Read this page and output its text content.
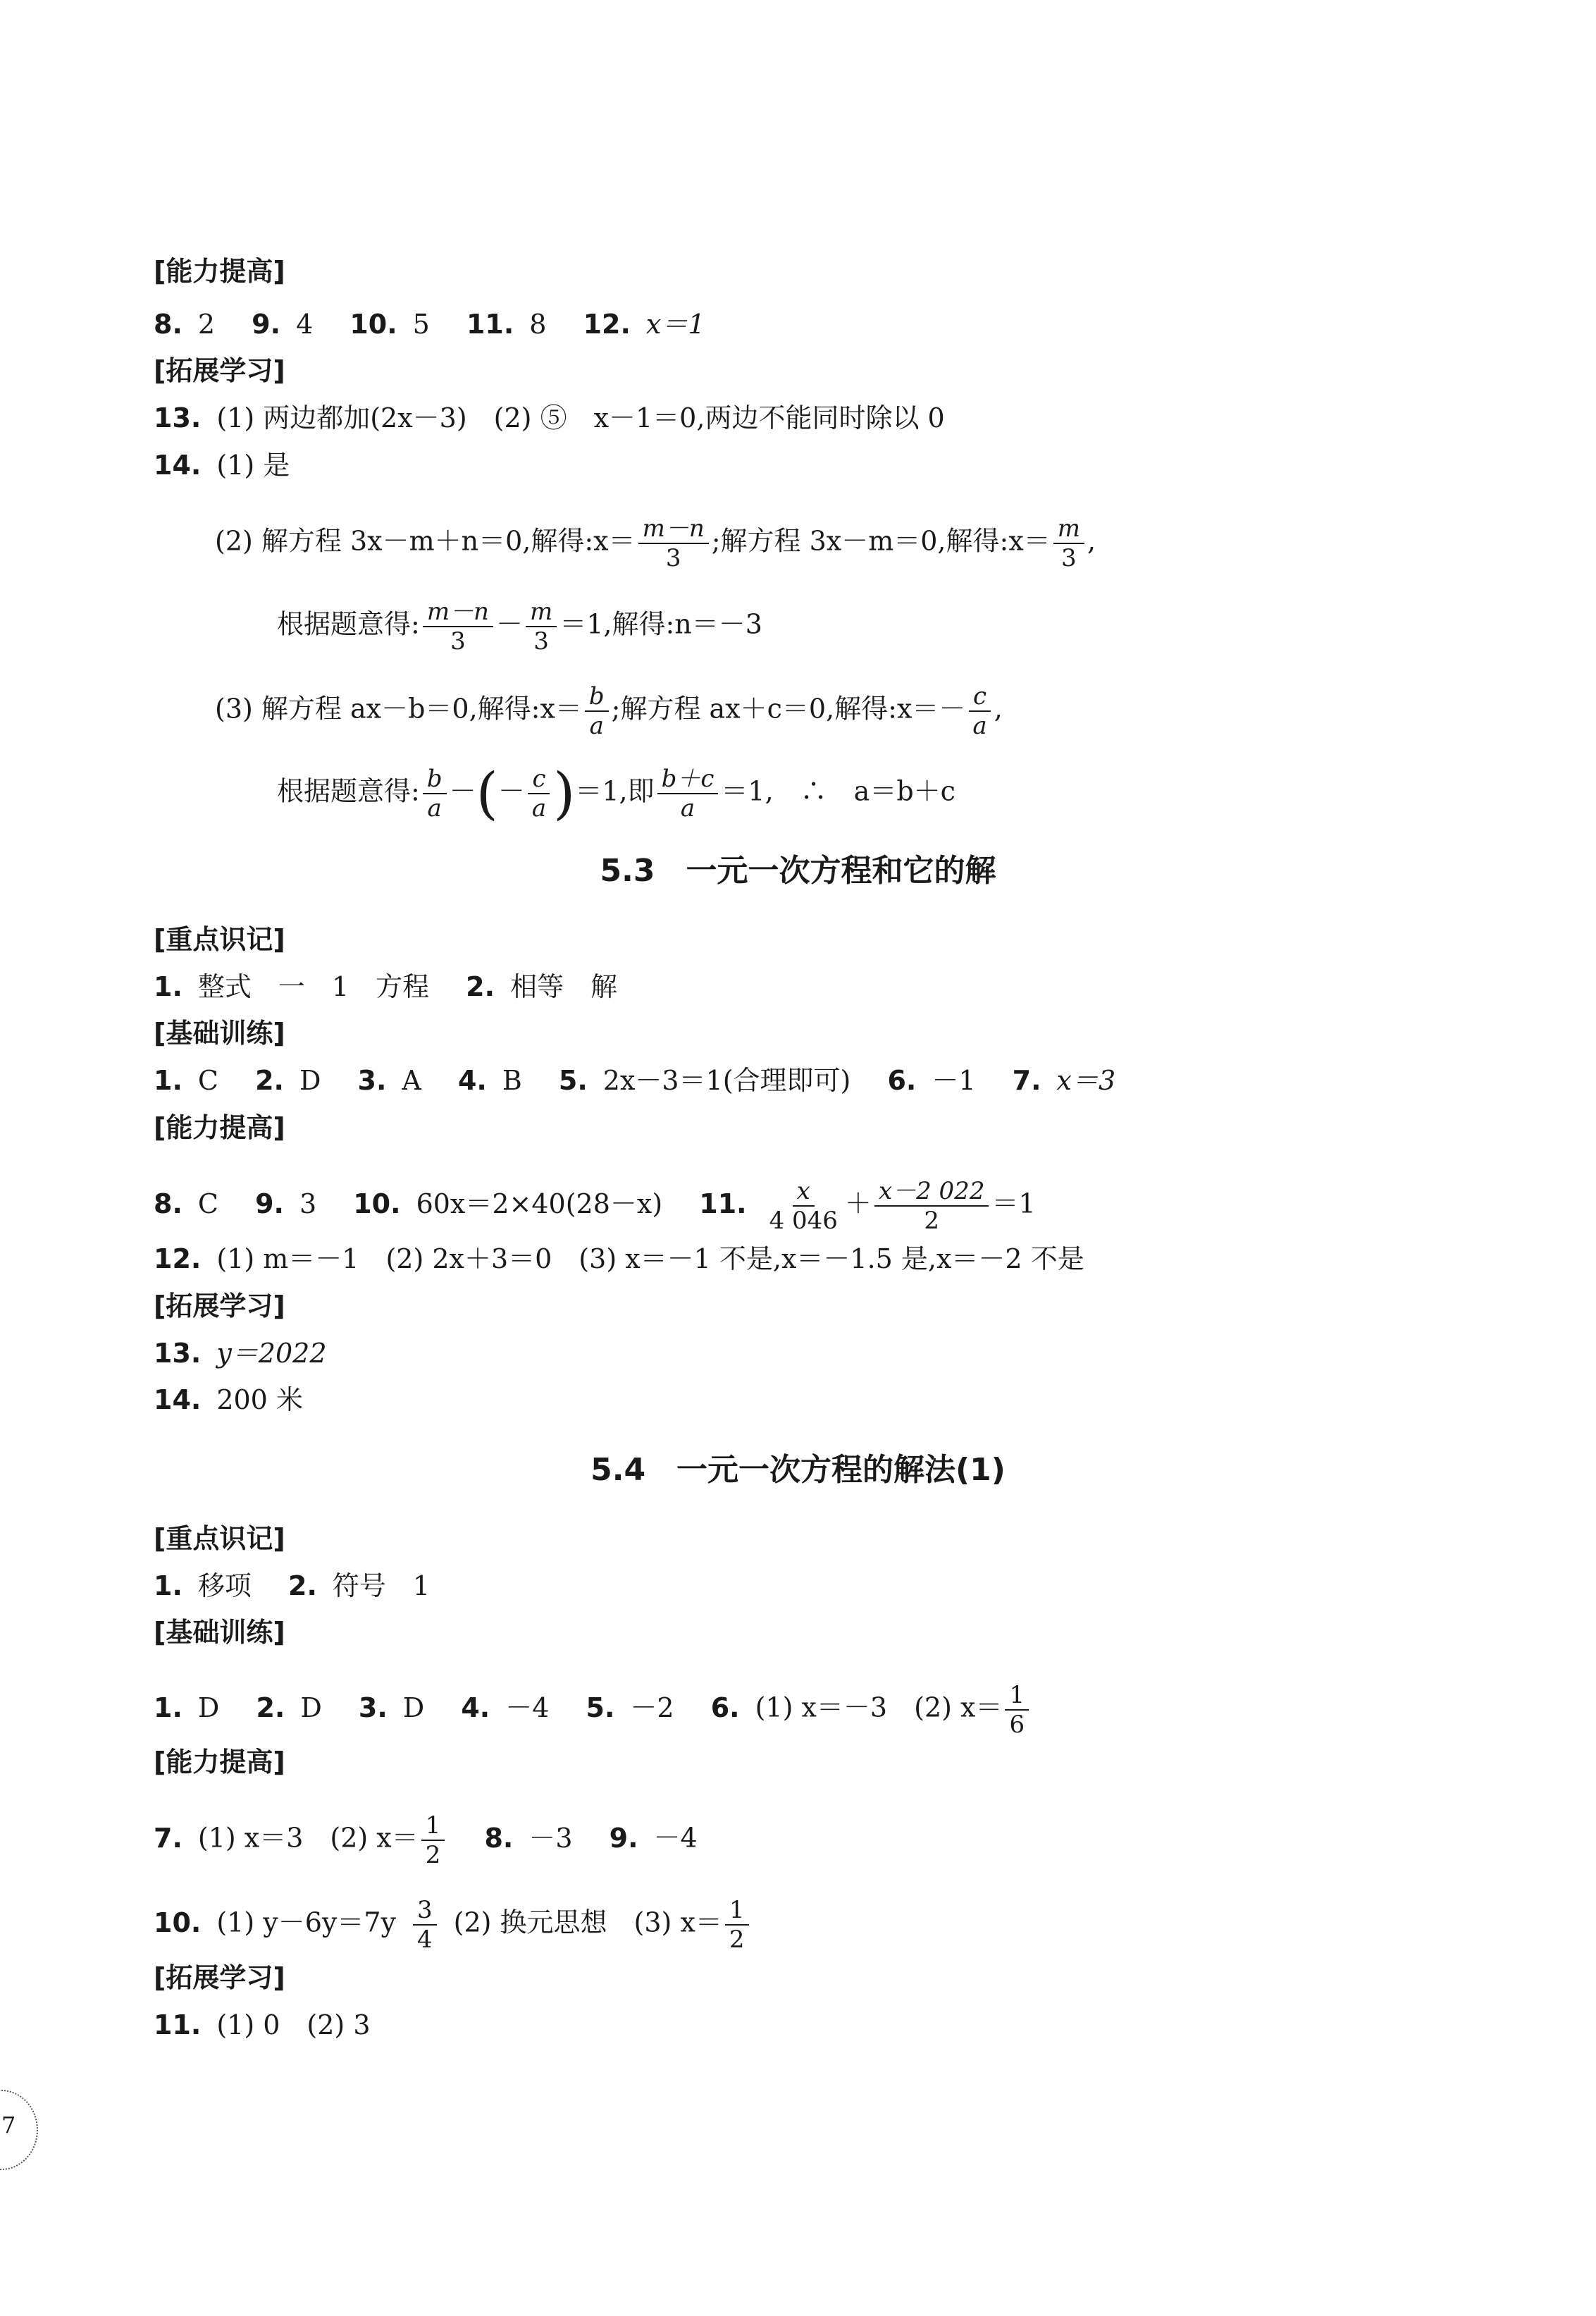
[能力提高]
8. 2 9. 4 10. 5 11. 8 12. x＝1
[拓展学习]
13. (1) 两边都加(2x－3)　(2) ⑤　x－1＝0,两边不能同时除以 0
14. (1) 是
(2) 解方程 3x－m＋n＝0,解得:x＝ $\frac{m-n}{3}$ ;解方程 3x－m＝0,解得:x＝ $\frac{m}{3}$ ,
根据题意得: $\frac{m-n}{3} - \frac{m}{3} =1$,解得:n＝－3
(3) 解方程 ax－b＝0,解得:x＝ $\frac{b}{a}$ ;解方程 ax＋c＝0,解得:x＝－ $\frac{c}{a}$ ,
根据题意得: $\frac{b}{a}$ －(－ $\frac{c}{a} )=1$,即 $\frac{b+c}{a} =1$,　∴　a＝b＋c
5.3　一元一次方程和它的解
[重点识记]
1. 整式　一　1　方程 2. 相等　解
[基础训练]
1. C 2. D 3. A 4. B 5. 2x－3＝1(合理即可) 6. －1 7. x＝3
[能力提高]
8. C 9. 3 10. 60x＝2×40(28－x) 11. $\frac{x}{4 046} + \frac{x-2 022}{2} =1$
12. (1) m＝－1　(2) 2x＋3＝0　(3) x＝－1 不是,x＝－1.5 是,x＝－2 不是
[拓展学习]
13. y＝2022
14. 200 米
5.4　一元一次方程的解法(1)
[重点识记]
1. 移项 2. 符号　1
[基础训练]
1. D 2. D 3. D 4. －4 5. －2 6. (1) x＝－3　(2) $x= \frac{1}{6}$
[能力提高]
7. (1) x＝3　(2) $x= \frac{1}{2} 8$. －3 9. －4
10. (1) $y-6y=7y \frac{3}{4} (2)$ 换元思想　(3) $x= \frac{1}{2}$
[拓展学习]
11. (1) 0　(2) 3
7
